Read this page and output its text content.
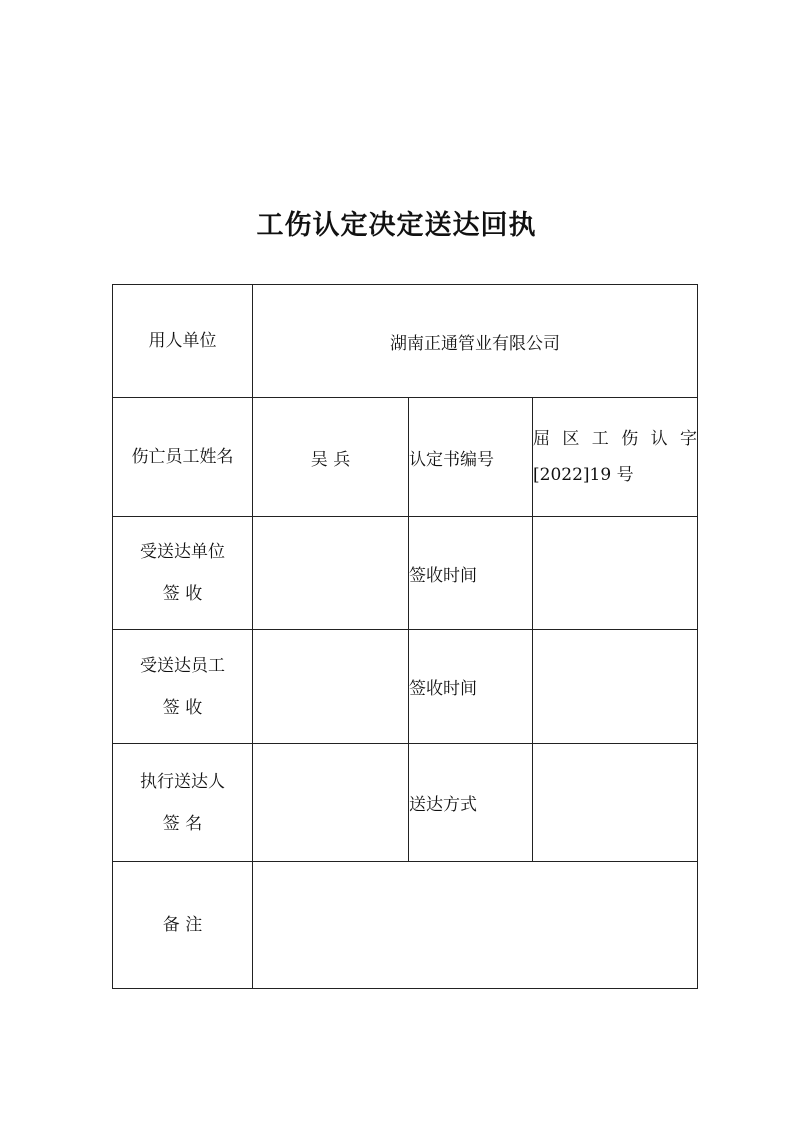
工伤认定决定送达回执
用人单位	湖南正通管业有限公司		
伤亡员工姓名	吴 兵	认定书编号	屈区工伤认字
[2022]19 号

受送达单位
签 收		签收时间	

受送达员工
签 收		签收时间	

执行送达人
签 名		送达方式	
备 注			
